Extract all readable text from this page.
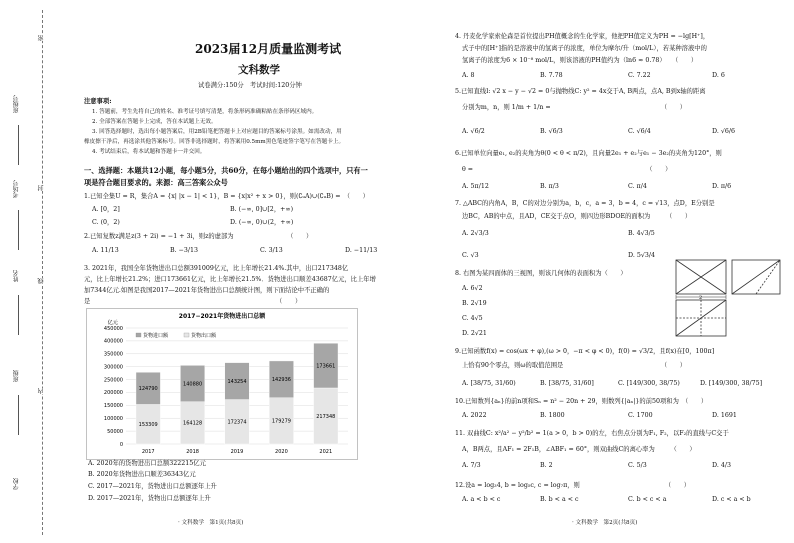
班级号
考场号
姓名
班级
学校
密
封
线
内
2023届12月质量监测考试
文科数学
试卷满分:150分　考试时间:120分钟
注意事项:
1. 答题前，考生先将自己的姓名、准考证号填写清楚，将条形码准确粘贴在条形码区域内。
2. 全部答案在答题卡上完成，答在本试题上无效。
3. 回答选择题时，选出每小题答案后，用2B铅笔把答题卡上对应题目的答案标号涂黑。如需改动，用
橡皮擦干净后，再选涂其他答案标号。回答非选择题时，将答案用0.5mm黑色笔迹签字笔写在答题卡上。
4. 考试结束后，将本试题和答题卡一并交回。
一、选择题：本题共12小题，每小题5分，共60分，在每小题给出的四个选项中，只有一
项是符合题目要求的。来源：高三答案公众号
1.已知全集U = R，集合A = {x| |x − 1| < 1}，B = {x|x² + x > 0}，则(∁ᵤA)∪(∁ᵤB) =　（　　）
A. [0，2]	B. (−∞, 0]∪[2，+∞)
C. (0，2)	D. (−∞, 0)∪(2，+∞)
2.已知复数z满足z(3 + 2i) = −1 + 3i，则z的虚部为　　　　　　　　　（　　）
A. 11/13	B. −3/13	C. 3/13	D. −11/13
3. 2021年，我国全年货物进出口总额391009亿元，比上年增长21.4%.其中，出口217348亿
元，比上年增长21.2%；进口173661亿元，比上年增长21.5%．货物进出口顺差43687亿元，比上年增
加7344亿元.如图是我国2017—2021年货物进出口总额统计图，则下面结论中不正确的
是　　　　　　　　　　　　　　　　　　　　　　　　　　　　　　（　　）
2017−2021年货物进出口总额
亿元
0
50000
100000
150000
200000
250000
300000
350000
400000
450000
153309
124790
2017
164128
140880
2018
172374
143254
2019
179279
142936
2020
217348
173661
2021
货物进口额	货物出口额
A. 2020年的货物进出口总额322215亿元
B. 2020年货物进出口顺差36343亿元
C. 2017—2021年，货物进出口总额逐年上升
D. 2017—2021年，货物出口总额逐年上升
· 文科数学　第1页(共8页)
4. 丹麦化学家索伦森是首位提出PH值概念的生化学家，他把PH值定义为PH = −lg[H⁺]，
式子中的[H⁺]指的是溶液中的氢离子的浓度，单位为摩尔/升（mol/L），若某种溶液中的
氢离子的浓度为6 × 10⁻⁸ mol/L，则该溶液的PH值约为（ln6 ≈ 0.78）　　（　　）
A. 8	B. 7.78	C. 7.22	D. 6
5.已知直线l: √2 x − y − √2 = 0与抛物线C: y² = 4x交于A, B两点，点A, B到x轴的距离
分别为m，n，则 1/m + 1/n =　　　　　　　　　　　　　　　　　　（　　）
A. √6/2	B. √6/3	C. √6/4	D. √6/6
6.已知单位向量e₁, e₂的夹角为θ(0 < θ < π/2)，且向量2e₁ + e₂与e₁ − 3e₂的夹角为120°，则
θ =　　　　　　　　　　　　　　　　　　　　　　　　　　　　（　　）
A. 5π/12	B. π/3	C. π/4	D. π/6
7. △ABC的内角A，B，C的对边分别为a，b，c，a = 3，b = 4，c = √13，点D，E分别是
边BC，AB的中点，且AD，CE交于点O，则四边形BDOE的面积为　　　（　　）
A. 2√3/3	B. 4√3/5
C. √3	D. 5√3/4
8. 右图为某四面体的三视图，则该几何体的表面积为（　　）
A. 6√2
B. 2√19
C. 4√5
D. 2√21
2
9.已知函数f(x) = cos(ωx + φ),(ω > 0，−π < φ < 0)，f(0) = √3/2，且f(x)在[0，100π]
上恰有90个零点，则ω的取值范围是　　　　　　　　　　　　　　　　（　　）
A. [38/75, 31/60)	B. [38/75, 31/60]	C. [149/300, 38/75)	D. [149/300, 38/75]
10.已知数列{aₙ}的前n项和Sₙ = n² − 20n + 29，则数列{|aₙ|}的前50项和为　（　　）
A. 2022	B. 1800	C. 1700	D. 1691
11. 双曲线C: x²/a² − y²/b² = 1(a > 0，b > 0)的左，右焦点分别为F₁, F₂，以F₂的直线与C交于
A，B两点，且AF₁ = 2F₁B，∠ABF₁ = 60°，则双曲线C的离心率为　　　（　　）
A. 7/3	B. 2	C. 5/3	D. 4/3
12.设a = log₃4, b = log₅c, c = log₇π，则　　　　　　　　　　　　　　（　　）
A. a < b < c	B. b < a < c	C. b < c < a	D. c < a < b
· 文科数学　第2页(共8页)
